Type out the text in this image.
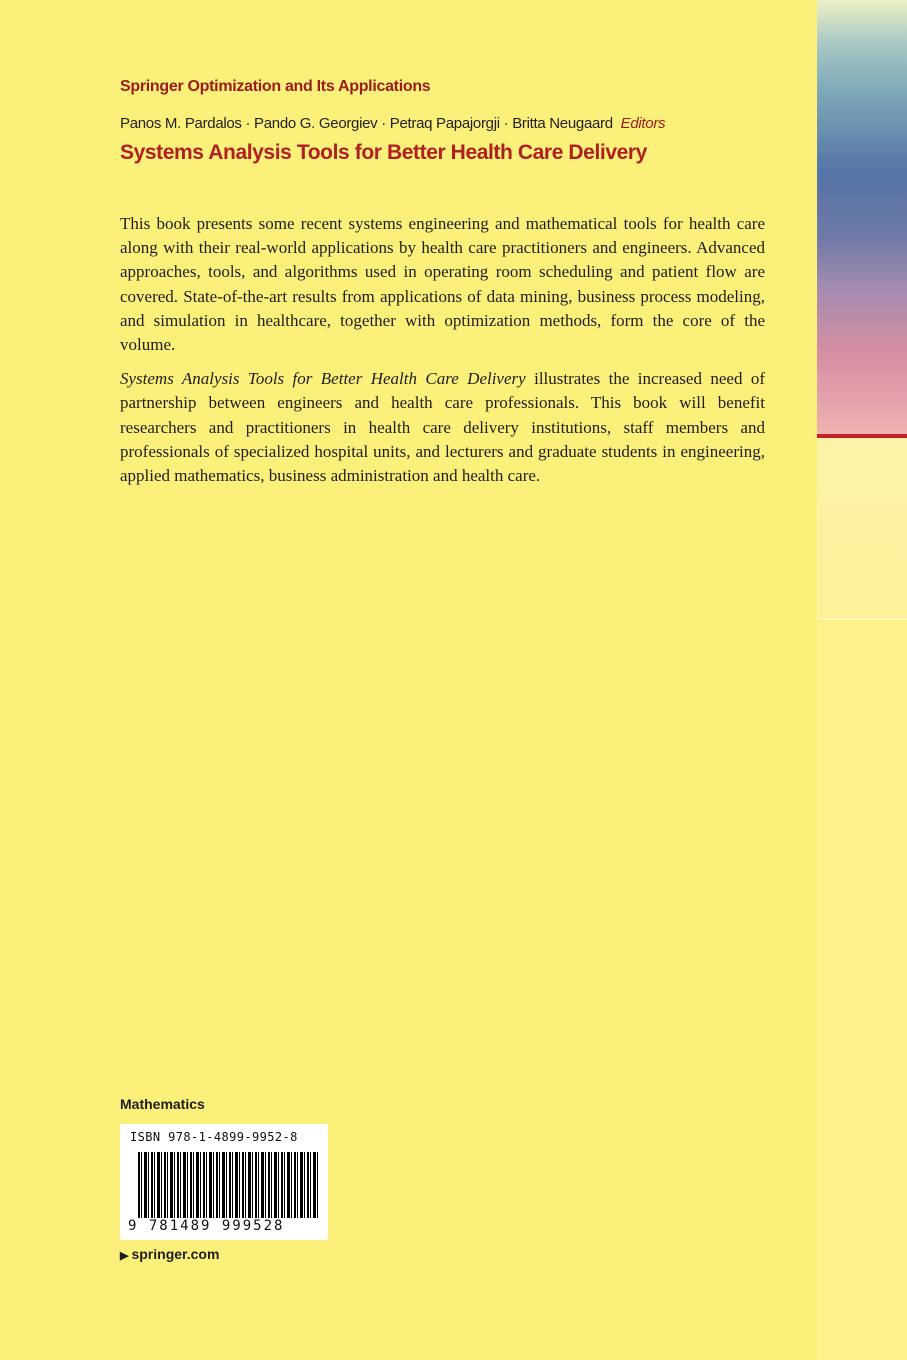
Springer Optimization and Its Applications
Panos M. Pardalos · Pando G. Georgiev · Petraq Papajorgji · Britta Neugaard Editors
Systems Analysis Tools for Better Health Care Delivery

This book presents some recent systems engineering and mathematical tools for health care along with their real-world applications by health care practitioners and engineers. Advanced approaches, tools, and algorithms used in operating room scheduling and patient flow are covered. State-of-the-art results from applications of data mining, business process modeling, and simulation in healthcare, together with optimization methods, form the core of the volume.

Systems Analysis Tools for Better Health Care Delivery illustrates the increased need of partnership between engineers and health care professionals. This book will benefit researchers and practitioners in health care delivery institutions, staff members and professionals of specialized hospital units, and lecturers and graduate students in engineering, applied mathematics, business administration and health care.

Mathematics
ISBN 978-1-4899-9952-8
9 781489 999528
▶ springer.com
